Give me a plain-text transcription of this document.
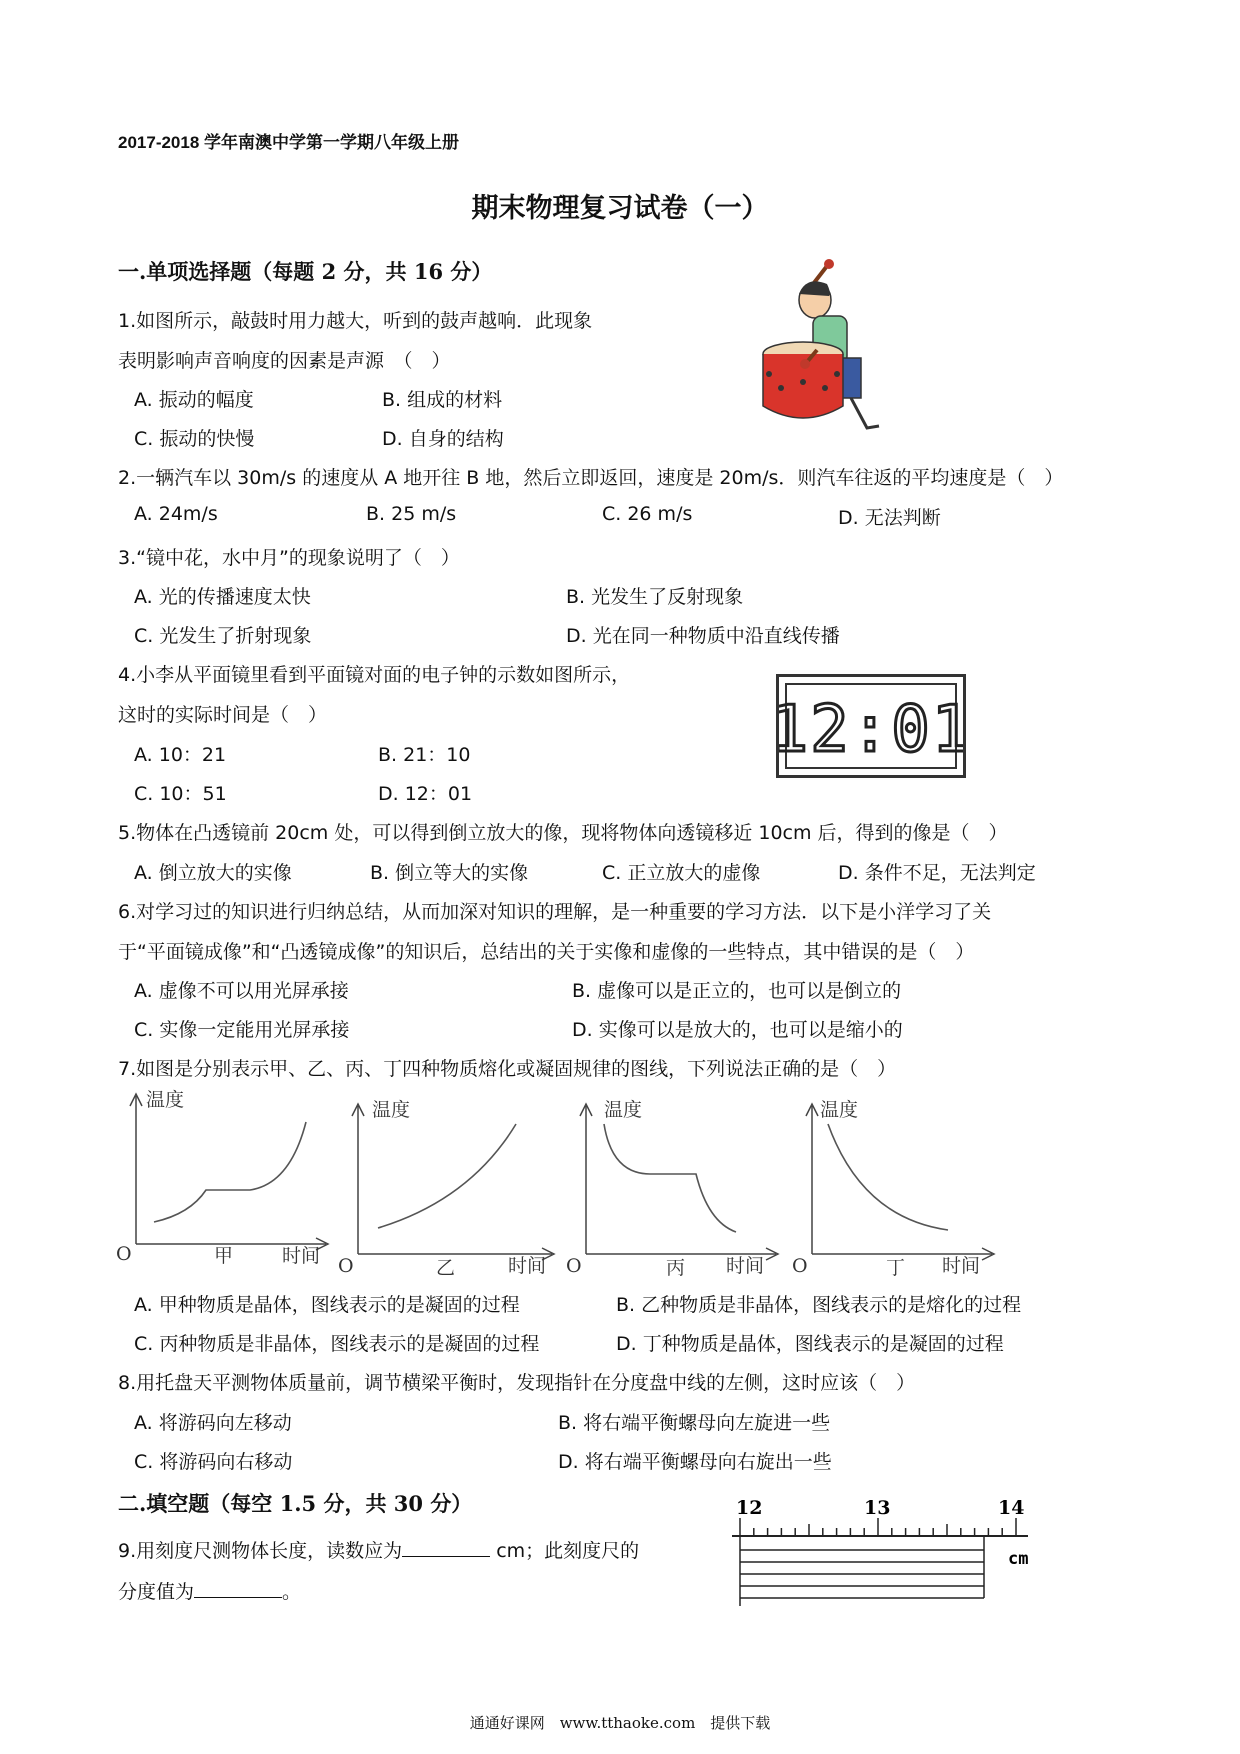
2017-2018 学年南澳中学第一学期八年级上册
期末物理复习试卷（一）
一.单项选择题（每题 2 分，共 16 分）
1.如图所示，敲鼓时用力越大，听到的鼓声越响．此现象
表明影响声音响度的因素是声源　（　）
A. 振动的幅度	B. 组成的材料
C. 振动的快慢	D. 自身的结构
2.一辆汽车以 30m/s 的速度从 A 地开往 B 地，然后立即返回，速度是 20m/s．则汽车往返的平均速度是（　）
A. 24m/s	B. 25 m/s	C. 26 m/s	D. 无法判断
3.“镜中花，水中月”的现象说明了（　）
A. 光的传播速度太快	B. 光发生了反射现象
C. 光发生了折射现象	D. 光在同一种物质中沿直线传播
4.小李从平面镜里看到平面镜对面的电子钟的示数如图所示，
这时的实际时间是（　）
A. 10：21	B. 21：10
C. 10：51	D. 12：01
12:01
5.物体在凸透镜前 20cm 处，可以得到倒立放大的像，现将物体向透镜移近 10cm 后，得到的像是（　）
A. 倒立放大的实像	B. 倒立等大的实像	C. 正立放大的虚像	D. 条件不足，无法判定
6.对学习过的知识进行归纳总结，从而加深对知识的理解，是一种重要的学习方法．以下是小洋学习了关
于“平面镜成像”和“凸透镜成像”的知识后，总结出的关于实像和虚像的一些特点，其中错误的是（　）
A. 虚像不可以用光屏承接	B. 虚像可以是正立的，也可以是倒立的
C. 实像一定能用光屏承接	D. 实像可以是放大的，也可以是缩小的
7.如图是分别表示甲、乙、丙、丁四种物质熔化或凝固规律的图线，下列说法正确的是（　）
温度
O	甲	时间
温度
O	乙	时间
温度
O	丙 时间
温度
O	丁 时间
A. 甲种物质是晶体，图线表示的是凝固的过程	B. 乙种物质是非晶体，图线表示的是熔化的过程
C. 丙种物质是非晶体，图线表示的是凝固的过程	D. 丁种物质是晶体，图线表示的是凝固的过程
8.用托盘天平测物体质量前，调节横梁平衡时，发现指针在分度盘中线的左侧，这时应该（　）
A. 将游码向左移动	B. 将右端平衡螺母向左旋进一些
C. 将游码向右移动	D. 将右端平衡螺母向右旋出一些
二.填空题（每空 1.5 分，共 30 分）
9.用刻度尺测物体长度，读数应为	cm；此刻度尺的
分度值为	。
12	13	14
cm
通通好课网　www.tthaoke.com　提供下载
